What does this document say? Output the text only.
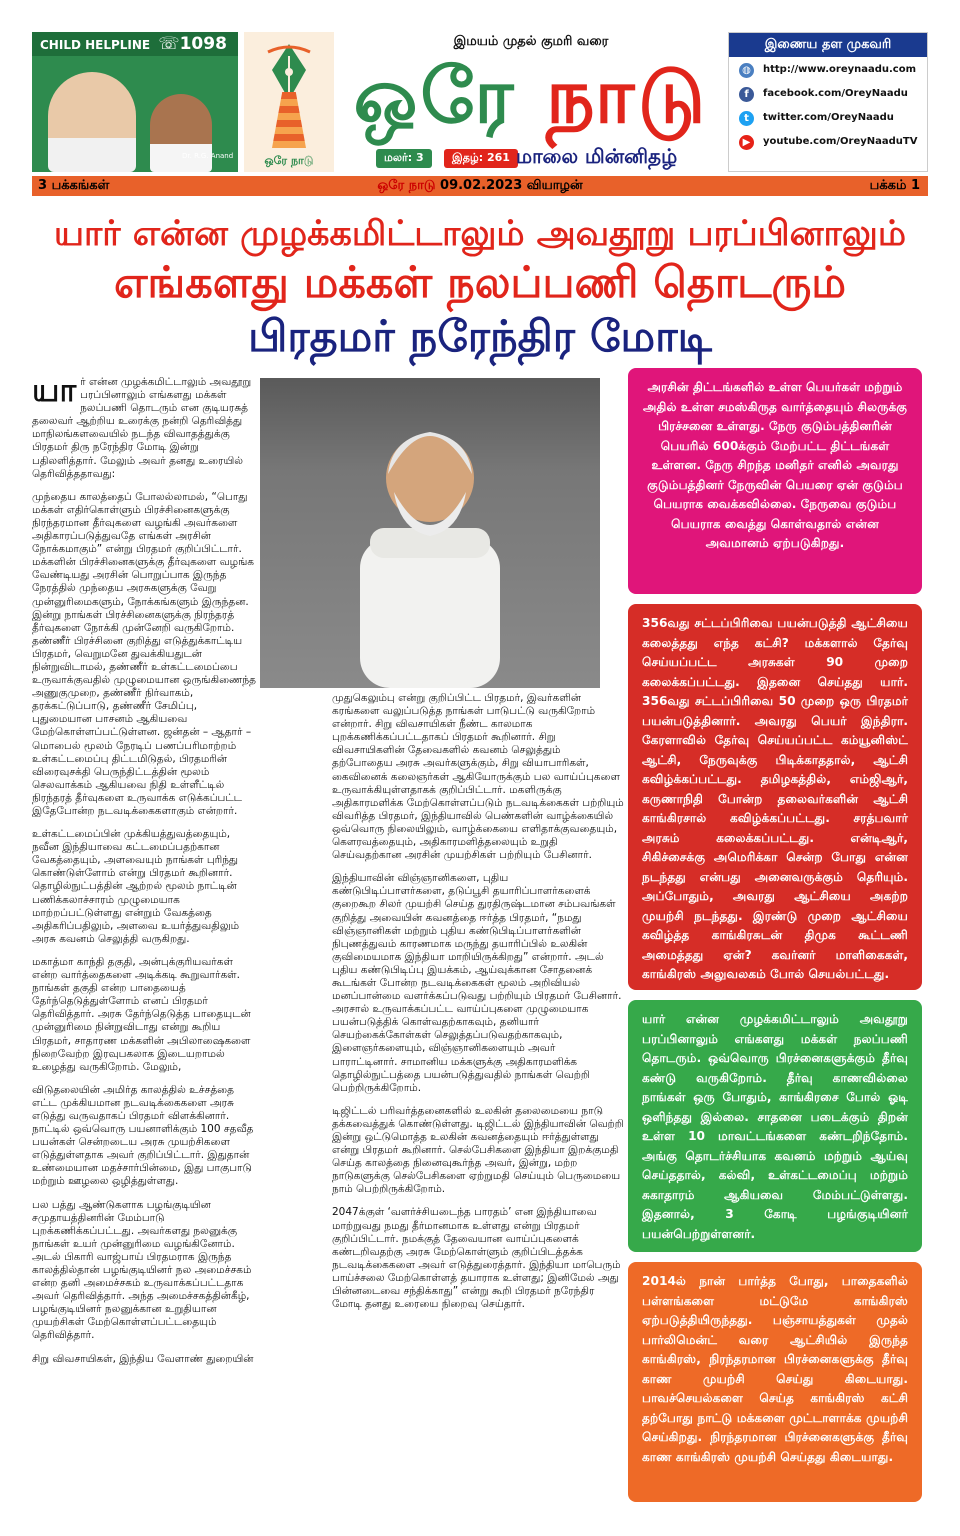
CHILD HELPLINE ☏1098
Dr. R.G. Anand	ஒரே நாடு
இமயம் முதல் குமரி வரை
ஒரே நாடு
மலர்: 3	இதழ்: 261 மாலை மின்னிதழ்
இணைய தள முகவரி
◍	http://www.oreynaadu.com
f	facebook.com/OreyNaadu
t	twitter.com/OreyNaadu
▶	youtube.com/OreyNaaduTV
3 பக்கங்கள்	ஒரே நாடு 09.02.2023 வியாழன்	பக்கம் 1
யார் என்ன முழக்கமிட்டாலும் அவதூறு பரப்பினாலும்
எங்களது மக்கள் நலப்பணி தொடரும்
பிரதமர் நரேந்திர மோடி

யார் என்ன முழக்கமிட்டாலும் அவதூறு பரப்பினாலும் எங்களது மக்கள் நலப்பணி தொடரும் என குடியரசுத் தலைவர் ஆற்றிய உரைக்கு நன்றி தெரிவித்து மாநிலங்களவையில் நடந்த விவாதத்துக்கு பிரதமர் திரு நரேந்திர மோடி இன்று பதிலளித்தார். மேலும் அவர் தனது உரையில் தெரிவித்ததாவது:

முந்தைய காலத்தைப் போலல்லாமல், “பொது மக்கள் எதிர்கொள்ளும் பிரச்சினைகளுக்கு நிரந்தரமான தீர்வுகளை வழங்கி அவர்களை அதிகாரப்படுத்துவதே எங்கள் அரசின் நோக்கமாகும்” என்று பிரதமர் குறிப்பிட்டார். மக்களின் பிரச்சினைகளுக்கு தீர்வுகளை வழங்க வேண்டியது அரசின் பொறுப்பாக இருந்த நேரத்தில் முந்தைய அரசுகளுக்கு வேறு முன்னுரிமைகளும், நோக்கங்களும் இருந்தன. இன்று நாங்கள் பிரச்சினைகளுக்கு நிரந்தரத் தீர்வுகளை நோக்கி முன்னேறி வருகிறோம். தண்ணீர் பிரச்சினை குறித்து எடுத்துக்காட்டிய பிரதமர், வெறுமனே துவக்கியதுடன் நின்றுவிடாமல், தண்ணீர் உள்கட்டமைப்பை உருவாக்குவதில் முழுமையான ஒருங்கிணைந்த அணுகுமுறை, தண்ணீர் நிர்வாகம், தரக்கட்டுப்பாடு, தண்ணீர் சேமிப்பு, புதுமையான பாசனம் ஆகியவை மேற்கொள்ளப்பட்டுள்ளன. ஜன்தன் – ஆதார் – மொபைல் மூலம் நேரடிப் பணப்பரிமாற்றம் உள்கட்டமைப்பு திட்டமிடுதல், பிரதமரின் விரைவுசக்தி பெருந்திட்டத்தின் மூலம் செலவாக்கம் ஆகியவை நிதி உள்ளீட்டில் நிரந்தரத் தீர்வுகளை உருவாக்க எடுக்கப்பட்ட இதேபோன்ற நடவடிக்கைகளாகும் என்றார்.

உள்கட்டமைப்பின் முக்கியத்துவத்தையும், நவீன இந்தியாவை கட்டமைப்பதற்கான வேகத்தையும், அளவையும் நாங்கள் புரிந்து கொண்டுள்ளோம் என்று பிரதமர் கூறினார். தொழில்நுட்பத்தின் ஆற்றல் மூலம் நாட்டின் பணிக்கலாச்சாரம் முழுமையாக மாற்றப்பட்டுள்ளது என்றும் வேகத்தை அதிகரிப்பதிலும், அளவை உயர்த்துவதிலும் அரசு கவனம் செலுத்தி வருகிறது.

மகாத்மா காந்தி தகுதி, அன்புக்குரியவர்கள் என்ற வார்த்தைகளை அடிக்கடி கூறுவார்கள். நாங்கள் தகுதி என்ற பாதையைத் தேர்ந்தெடுத்துள்ளோம் எனப் பிரதமர் தெரிவித்தார். அரசு தேர்ந்தெடுத்த பாதையுடன் முன்னுரிமை நின்றுவிடாது என்று கூறிய பிரதமர், சாதாரண மக்களின் அபிலாஷைகளை நிறைவேற்ற இரவுபகலாக இடையறாமல் உழைத்து வருகிறோம். மேலும்,

விடுதலையின் அமிர்த காலத்தில் உச்சத்தை எட்ட முக்கியமான நடவடிக்கைகளை அரசு எடுத்து வருவதாகப் பிரதமர் விளக்கினார். நாட்டில் ஒவ்வொரு பயனாளிக்கும் 100 சதவீத பயன்கள் சென்றடைய அரசு முயற்சிகளை எடுத்துள்ளதாக அவர் குறிப்பிட்டார். இதுதான் உண்மையான மதச்சார்பின்மை, இது பாகுபாடு மற்றும் ஊழலை ஒழித்துள்ளது.

பல பத்து ஆண்டுகளாக பழங்குடியின சமுதாயத்தினரின் மேம்பாடு புறக்கணிக்கப்பட்டது. அவர்களது நலனுக்கு நாங்கள் உயர் முன்னுரிமை வழங்கினோம். அடல் பிகாரி வாஜ்பாய் பிரதமராக இருந்த காலத்தில்தான் பழங்குடியினர் நல அமைச்சகம் என்ற தனி அமைச்சகம் உருவாக்கப்பட்டதாக அவர் தெரிவித்தார். அந்த அமைச்சகத்தின்கீழ், பழங்குடியினர் நலனுக்கான உறுதியான முயற்சிகள் மேற்கொள்ளப்பட்டதையும் தெரிவித்தார்.

சிறு விவசாயிகள், இந்திய வேளாண் துறையின்

முதுகெலும்பு என்று குறிப்பிட்ட பிரதமர், இவர்களின் கரங்களை வலுப்படுத்த நாங்கள் பாடுபட்டு வருகிறோம் என்றார். சிறு விவசாயிகள் நீண்ட காலமாக புறக்கணிக்கப்பட்டதாகப் பிரதமர் கூறினார். சிறு விவசாயிகளின் தேவைகளில் கவனம் செலுத்தும் தற்போதைய அரசு அவர்களுக்கும், சிறு வியாபாரிகள், கைவினைக் கலைஞர்கள் ஆகியோருக்கும் பல வாய்ப்புகளை உருவாக்கியுள்ளதாகக் குறிப்பிட்டார். மகளிருக்கு அதிகாரமளிக்க மேற்கொள்ளப்படும் நடவடிக்கைகள் பற்றியும் விவரித்த பிரதமர், இந்தியாவில் பெண்களின் வாழ்க்கையில் ஒவ்வொரு நிலையிலும், வாழ்க்கையை எளிதாக்குவதையும், கௌரவத்தையும், அதிகாரமளித்தலையும் உறுதி செய்வதற்கான அரசின் முயற்சிகள் பற்றியும் பேசினார்.

இந்தியாவின் விஞ்ஞானிகளை, புதிய கண்டுபிடிப்பாளர்களை, தடுப்பூசி தயாரிப்பாளர்களைக் குறைகூற சிலர் முயற்சி செய்த துரதிருஷ்டமான சம்பவங்கள் குறித்து அவையின் கவனத்தை ஈர்த்த பிரதமர், “நமது விஞ்ஞானிகள் மற்றும் புதிய கண்டுபிடிப்பாளர்களின் நிபுணத்துவம் காரணமாக மருந்து தயாரிப்பில் உலகின் குவிமையமாக இந்தியா மாறியிருக்கிறது” என்றார். அடல் புதிய கண்டுபிடிப்பு இயக்கம், ஆய்வுக்கான சோதனைக் கூடங்கள் போன்ற நடவடிக்கைகள் மூலம் அறிவியல் மனப்பான்மை வளர்க்கப்படுவது பற்றியும் பிரதமர் பேசினார். அரசால் உருவாக்கப்பட்ட வாய்ப்புகளை முழுமையாக பயன்படுத்திக் கொள்வதற்காகவும், தனியார் செயற்கைக்கோள்கள் செலுத்தப்படுவதற்காகவும், இளைஞர்களையும், விஞ்ஞானிகளையும் அவர் பாராட்டினார். சாமானிய மக்களுக்கு அதிகாரமளிக்க தொழில்நுட்பத்தை பயன்படுத்துவதில் நாங்கள் வெற்றி பெற்றிருக்கிறோம்.

டிஜிட்டல் பரிவர்த்தனைகளில் உலகின் தலைமையை நாடு தக்கவைத்துக் கொண்டுள்ளது. டிஜிட்டல் இந்தியாவின் வெற்றி இன்று ஒட்டுமொத்த உலகின் கவனத்தையும் ஈர்த்துள்ளது என்று பிரதமர் கூறினார். செல்பேசிகளை இந்தியா இறக்குமதி செய்த காலத்தை நினைவுகூர்ந்த அவர், இன்று, மற்ற நாடுகளுக்கு செல்பேசிகளை ஏற்றுமதி செய்யும் பெருமையை நாம் பெற்றிருக்கிறோம்.

2047க்குள் ‘வளர்ச்சியடைந்த பாரதம்’ என இந்தியாவை மாற்றுவது நமது தீர்மானமாக உள்ளது என்று பிரதமர் குறிப்பிட்டார். நமக்குத் தேவையான வாய்ப்புகளைக் கண்டறிவதற்கு அரசு மேற்கொள்ளும் குறிப்பிடத்தக்க நடவடிக்கைகளை அவர் எடுத்துரைத்தார். இந்தியா மாபெரும் பாய்ச்சலை மேற்கொள்ளத் தயாராக உள்ளது; இனிமேல் அது பின்னடைவை சந்திக்காது” என்று கூறி பிரதமர் நரேந்திர மோடி தனது உரையை நிறைவு செய்தார்.

அரசின் திட்டங்களில் உள்ள பெயர்கள் மற்றும் அதில் உள்ள சமஸ்கிருத வார்த்தையும் சிலருக்கு பிரச்சனை உள்ளது. நேரு குடும்பத்தினரின் பெயரில் 600க்கும் மேற்பட்ட திட்டங்கள் உள்ளன. நேரு சிறந்த மனிதர் எனில் அவரது குடும்பத்தினர் நேருவின் பெயரை ஏன் குடும்ப பெயராக வைக்கவில்லை. நேருவை குடும்ப பெயராக வைத்து கொள்வதால் என்ன அவமானம் ஏற்படுகிறது.
356வது சட்டப்பிரிவை பயன்படுத்தி ஆட்சியை கலைத்தது எந்த கட்சி? மக்களால் தேர்வு செய்யப்பட்ட அரசுகள் 90 முறை கலைக்கப்பட்டது. இதனை செய்தது யார். 356வது சட்டப்பிரிவை 50 முறை ஒரு பிரதமர் பயன்படுத்தினார். அவரது பெயர் இந்திரா. கேரளாவில் தேர்வு செய்யப்பட்ட கம்யூனிஸ்ட் ஆட்சி, நேருவுக்கு பிடிக்காததால், ஆட்சி கவிழ்க்கப்பட்டது. தமிழகத்தில், எம்ஜிஆர், கருணாநிதி போன்ற தலைவர்களின் ஆட்சி காங்கிரசால் கவிழ்க்கப்பட்டது. சரத்பவார் அரசும் கலைக்கப்பட்டது. என்டிஆர், சிகிச்சைக்கு அமெரிக்கா சென்ற போது என்ன நடந்தது என்பது அனைவருக்கும் தெரியும். அப்போதும், அவரது ஆட்சியை அகற்ற முயற்சி நடந்தது. இரண்டு முறை ஆட்சியை கவிழ்த்த காங்கிரசுடன் திமுக கூட்டணி அமைத்தது ஏன்? கவர்னர் மாளிகைகள், காங்கிரஸ் அலுவலகம் போல் செயல்பட்டது.
யார் என்ன முழக்கமிட்டாலும் அவதூறு பரப்பினாலும் எங்களது மக்கள் நலப்பணி தொடரும். ஒவ்வொரு பிரச்னைகளுக்கும் தீர்வு கண்டு வருகிறோம். தீர்வு காணவில்லை நாங்கள் ஒரு போதும், காங்கிரசை போல் ஓடி ஒளிந்தது இல்லை. சாதனை படைக்கும் திறன் உள்ள 10 மாவட்டங்களை கண்டறிந்தோம். அங்கு தொடர்ச்சியாக கவனம் மற்றும் ஆய்வு செய்ததால், கல்வி, உள்கட்டமைப்பு மற்றும் சுகாதாரம் ஆகியவை மேம்பட்டுள்ளது. இதனால், 3 கோடி பழங்குடியினர் பயன்பெற்றுள்ளனர்.
2014ல் நான் பார்த்த போது, பாதைகளில் பள்ளங்களை மட்டுமே காங்கிரஸ் ஏற்படுத்தியிருந்தது. பஞ்சாயத்துகள் முதல் பார்லிமென்ட் வரை ஆட்சியில் இருந்த காங்கிரஸ், நிரந்தரமான பிரச்னைகளுக்கு தீர்வு காண முயற்சி செய்து கிடையாது. பாவச்செயல்களை செய்த காங்கிரஸ் கட்சி தற்போது நாட்டு மக்களை முட்டாளாக்க முயற்சி செய்கிறது. நிரந்தரமான பிரச்னைகளுக்கு தீர்வு காண காங்கிரஸ் முயற்சி செய்தது கிடையாது.
